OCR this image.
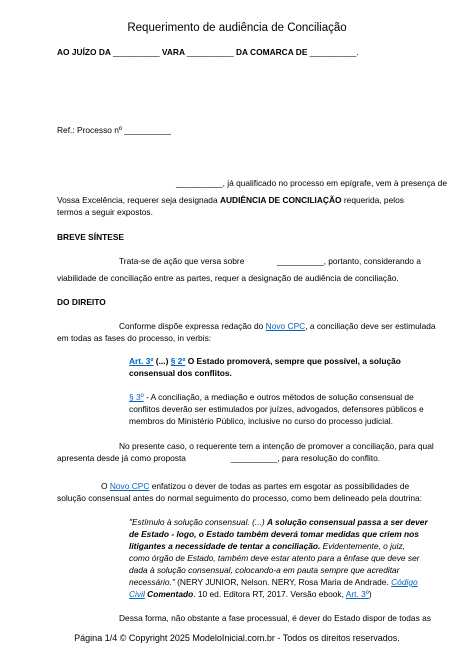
Requerimento de audiência de Conciliação
AO JUÍZO DA __________ VARA __________ DA COMARCA DE __________.
Ref.: Processo nº __________
__________, já qualificado no processo em epígrafe, vem à presença de
Vossa Excelência, requerer seja designada AUDIÊNCIA DE CONCILIAÇÃO requerida, pelos
termos a seguir expostos.
BREVE SÍNTESE
Trata-se de ação que versa sobre	__________, portanto, considerando a
viabilidade de conciliação entre as partes, requer a designação de audiência de conciliação.
DO DIREITO
Conforme dispõe expressa redação do Novo CPC, a conciliação deve ser estimulada
em todas as fases do processo, in verbis:
Art. 3º (...) § 2º O Estado promoverá, sempre que possível, a solução
consensual dos conflitos.
§ 3º - A conciliação, a mediação e outros métodos de solução consensual de
conflitos deverão ser estimulados por juízes, advogados, defensores públicos e
membros do Ministério Público, inclusive no curso do processo judicial.
No presente caso, o requerente tem a intenção de promover a conciliação, para qual
apresenta desde já como proposta	__________, para resolução do conflito.
O Novo CPC enfatizou o dever de todas as partes em esgotar as possibilidades de
solução consensual antes do normal seguimento do processo, como bem delineado pela doutrina:
"Estímulo à solução consensual. (...) A solução consensual passa a ser dever
de Estado - logo, o Estado também deverá tomar medidas que criem nos
litigantes a necessidade de tentar a conciliação. Evidentemente, o juiz,
como órgão de Estado, também deve estar atento para a ênfase que deve ser
dada à solução consensual, colocando-a em pauta sempre que acreditar
necessário." (NERY JUNIOR, Nelson. NERY, Rosa Maria de Andrade. Código
Civil Comentado. 10 ed. Editora RT, 2017. Versão ebook, Art. 3º)
Dessa forma, não obstante a fase processual, é dever do Estado dispor de todas as
Página 1/4 © Copyright 2025 ModeloInicial.com.br - Todos os direitos reservados.
